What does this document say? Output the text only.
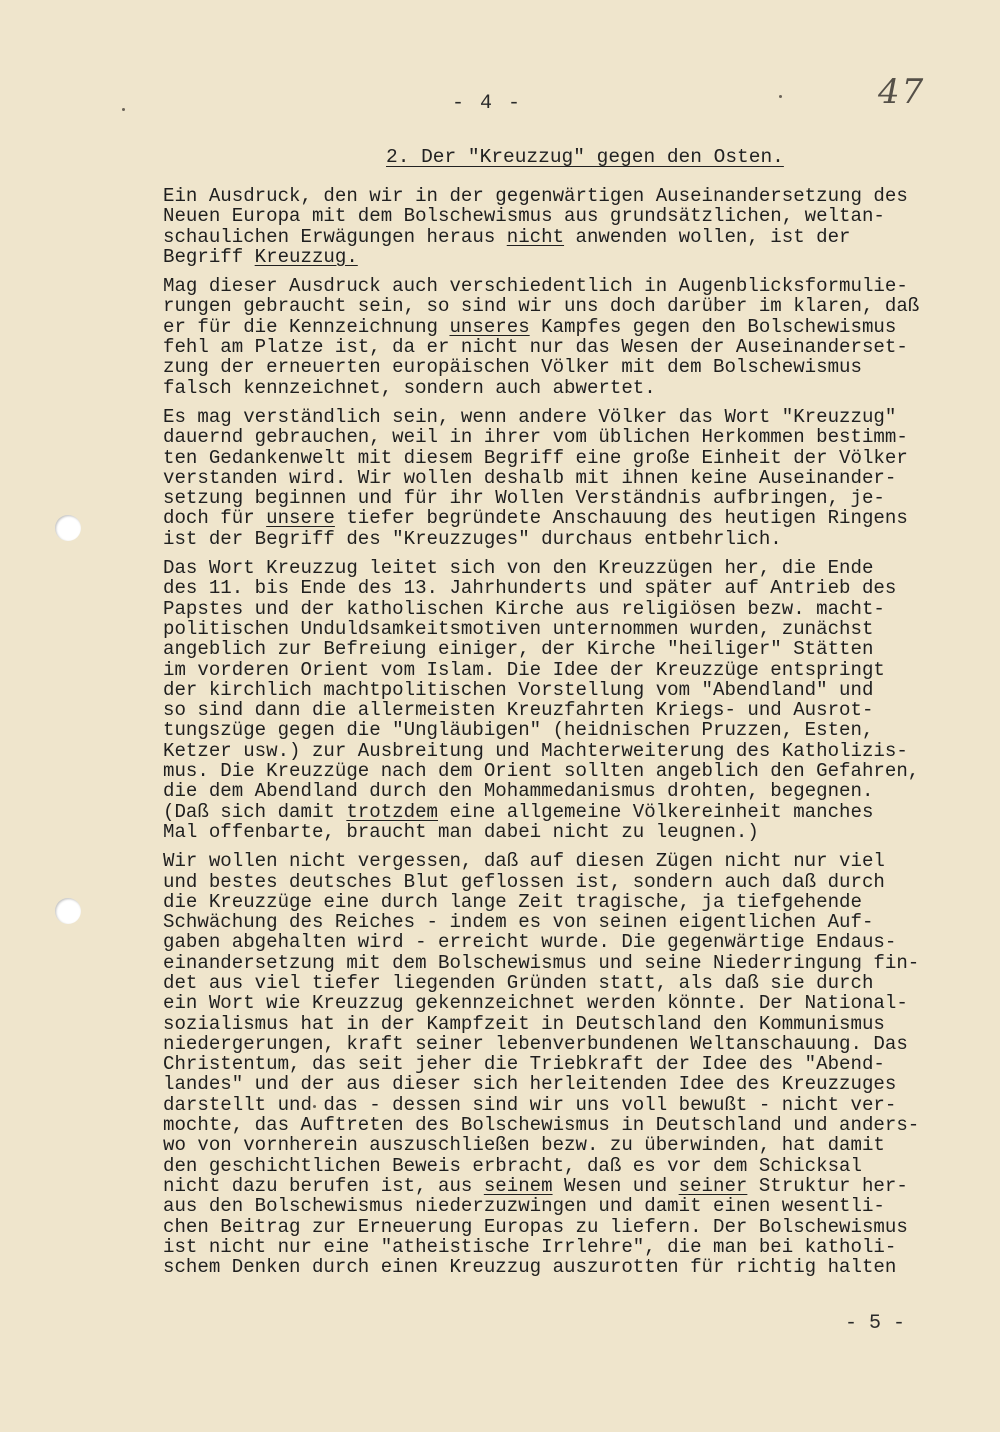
- 4 -	47
2. Der "Kreuzzug" gegen den Osten.
Ein Ausdruck, den wir in der gegenwärtigen Auseinandersetzung des
Neuen Europa mit dem Bolschewismus aus grundsätzlichen, weltan-
schaulichen Erwägungen heraus nicht anwenden wollen, ist der
Begriff Kreuzzug.
Mag dieser Ausdruck auch verschiedentlich in Augenblicksformulie-
rungen gebraucht sein, so sind wir uns doch darüber im klaren, daß
er für die Kennzeichnung unseres Kampfes gegen den Bolschewismus
fehl am Platze ist, da er nicht nur das Wesen der Auseinanderset-
zung der erneuerten europäischen Völker mit dem Bolschewismus
falsch kennzeichnet, sondern auch abwertet.
Es mag verständlich sein, wenn andere Völker das Wort "Kreuzzug"
dauernd gebrauchen, weil in ihrer vom üblichen Herkommen bestimm-
ten Gedankenwelt mit diesem Begriff eine große Einheit der Völker
verstanden wird. Wir wollen deshalb mit ihnen keine Auseinander-
setzung beginnen und für ihr Wollen Verständnis aufbringen, je-
doch für unsere tiefer begründete Anschauung des heutigen Ringens
ist der Begriff des "Kreuzzuges" durchaus entbehrlich.
Das Wort Kreuzzug leitet sich von den Kreuzzügen her, die Ende
des 11. bis Ende des 13. Jahrhunderts und später auf Antrieb des
Papstes und der katholischen Kirche aus religiösen bezw. macht-
politischen Unduldsamkeitsmotiven unternommen wurden, zunächst
angeblich zur Befreiung einiger, der Kirche "heiliger" Stätten
im vorderen Orient vom Islam. Die Idee der Kreuzzüge entspringt
der kirchlich machtpolitischen Vorstellung vom "Abendland" und
so sind dann die allermeisten Kreuzfahrten Kriegs- und Ausrot-
tungszüge gegen die "Ungläubigen" (heidnischen Pruzzen, Esten,
Ketzer usw.) zur Ausbreitung und Machterweiterung des Katholizis-
mus. Die Kreuzzüge nach dem Orient sollten angeblich den Gefahren,
die dem Abendland durch den Mohammedanismus drohten, begegnen.
(Daß sich damit trotzdem eine allgemeine Völkereinheit manches
Mal offenbarte, braucht man dabei nicht zu leugnen.)
Wir wollen nicht vergessen, daß auf diesen Zügen nicht nur viel
und bestes deutsches Blut geflossen ist, sondern auch daß durch
die Kreuzzüge eine durch lange Zeit tragische, ja tiefgehende
Schwächung des Reiches - indem es von seinen eigentlichen Auf-
gaben abgehalten wird - erreicht wurde. Die gegenwärtige Endaus-
einandersetzung mit dem Bolschewismus und seine Niederringung fin-
det aus viel tiefer liegenden Gründen statt, als daß sie durch
ein Wort wie Kreuzzug gekennzeichnet werden könnte. Der National-
sozialismus hat in der Kampfzeit in Deutschland den Kommunismus
niedergerungen, kraft seiner lebenverbundenen Weltanschauung. Das
Christentum, das seit jeher die Triebkraft der Idee des "Abend-
landes" und der aus dieser sich herleitenden Idee des Kreuzzuges
darstellt und das - dessen sind wir uns voll bewußt - nicht ver-
mochte, das Auftreten des Bolschewismus in Deutschland und anders-
wo von vornherein auszuschließen bezw. zu überwinden, hat damit
den geschichtlichen Beweis erbracht, daß es vor dem Schicksal
nicht dazu berufen ist, aus seinem Wesen und seiner Struktur her-
aus den Bolschewismus niederzuzwingen und damit einen wesentli-
chen Beitrag zur Erneuerung Europas zu liefern. Der Bolschewismus
ist nicht nur eine "atheistische Irrlehre", die man bei katholi-
schem Denken durch einen Kreuzzug auszurotten für richtig halten
- 5 -
